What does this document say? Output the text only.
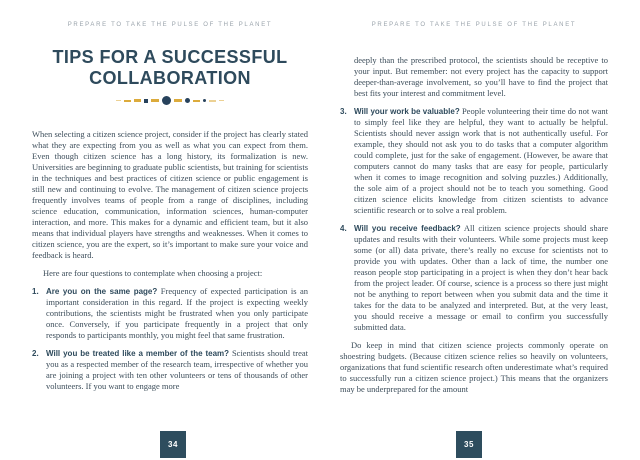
PREPARE TO TAKE THE PULSE OF THE PLANET
TIPS FOR A SUCCESSFUL
COLLABORATION

When selecting a citizen science project, consider if the project has clearly stated what they are expecting from you as well as what you can expect from them. Even though citizen science has a long history, its formalization is new. Universities are beginning to graduate public scientists, but training for scientists in the techniques and best practices of citizen science or public engagement is still new and continuing to evolve. The management of citizen science projects frequently involves teams of people from a range of disciplines, including science education, communication, information sciences, human-computer interaction, and more. This makes for a dynamic and efficient team, but it also means that individual players have strengths and weaknesses. When it comes to citizen science, you are the expert, so it’s important to make sure your voice and feedback is heard.

Here are four questions to contemplate when choosing a project:

1. Are you on the same page? Frequency of expected participation is an important consideration in this regard. If the project is expecting weekly contributions, the scientists might be frustrated when you only participate once. Conversely, if you participate frequently in a project that only responds to participants monthly, you might feel that same frustration.

2. Will you be treated like a member of the team? Scientists should treat you as a respected member of the research team, irrespective of whether you are joining a project with ten other volunteers or tens of thousands of other volunteers. If you want to engage more

34
PREPARE TO TAKE THE PULSE OF THE PLANET

deeply than the prescribed protocol, the scientists should be receptive to your input. But remember: not every project has the capacity to support deeper-than-average involvement, so you’ll have to find the project that best fits your interest and commitment level.

3. Will your work be valuable? People volunteering their time do not want to simply feel like they are helpful, they want to actually be helpful. Scientists should never assign work that is not authentically useful. For example, they should not ask you to do tasks that a computer algorithm could complete, just for the sake of engagement. (However, be aware that computers cannot do many tasks that are easy for people, particularly when it comes to image recognition and solving puzzles.) Additionally, the sole aim of a project should not be to teach you something. Good citizen science elicits knowledge from citizen scientists to advance scientific research or to solve a real problem.

4. Will you receive feedback? All citizen science projects should share updates and results with their volunteers. While some projects must keep some (or all) data private, there’s really no excuse for scientists not to provide you with updates. Other than a lack of time, the number one reason people stop participating in a project is when they don’t hear back from the project leader. Of course, science is a process so there just might not be anything to report between when you submit data and the time it takes for the data to be analyzed and interpreted. But, at the very least, you should receive a message or email to confirm you successfully submitted data.

Do keep in mind that citizen science projects commonly operate on shoestring budgets. (Because citizen science relies so heavily on volunteers, organizations that fund scientific research often underestimate what’s required to successfully run a citizen science project.) This means that the organizers may be underprepared for the amount

35
